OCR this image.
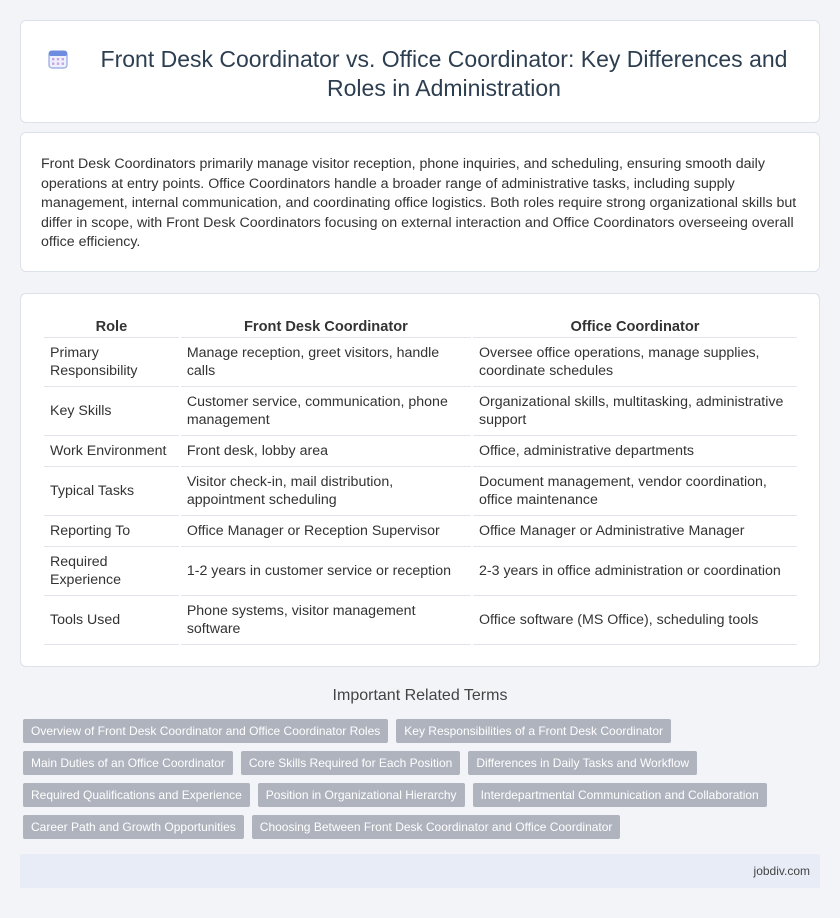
Front Desk Coordinator vs. Office Coordinator: Key Differences and Roles in Administration

Front Desk Coordinators primarily manage visitor reception, phone inquiries, and scheduling, ensuring smooth daily operations at entry points. Office Coordinators handle a broader range of administrative tasks, including supply management, internal communication, and coordinating office logistics. Both roles require strong organizational skills but differ in scope, with Front Desk Coordinators focusing on external interaction and Office Coordinators overseeing overall office efficiency.

Role	Front Desk Coordinator	Office Coordinator
Primary Responsibility	Manage reception, greet visitors, handle calls	Oversee office operations, manage supplies, coordinate schedules
Key Skills	Customer service, communication, phone management	Organizational skills, multitasking, administrative support
Work Environment	Front desk, lobby area	Office, administrative departments
Typical Tasks	Visitor check-in, mail distribution, appointment scheduling	Document management, vendor coordination, office maintenance
Reporting To	Office Manager or Reception Supervisor	Office Manager or Administrative Manager
Required Experience	1-2 years in customer service or reception	2-3 years in office administration or coordination
Tools Used	Phone systems, visitor management software	Office software (MS Office), scheduling tools
Important Related Terms
Overview of Front Desk Coordinator and Office Coordinator Roles	Key Responsibilities of a Front Desk Coordinator
Main Duties of an Office Coordinator	Core Skills Required for Each Position	Differences in Daily Tasks and Workflow
Required Qualifications and Experience	Position in Organizational Hierarchy	Interdepartmental Communication and Collaboration
Career Path and Growth Opportunities	Choosing Between Front Desk Coordinator and Office Coordinator
jobdiv.com
